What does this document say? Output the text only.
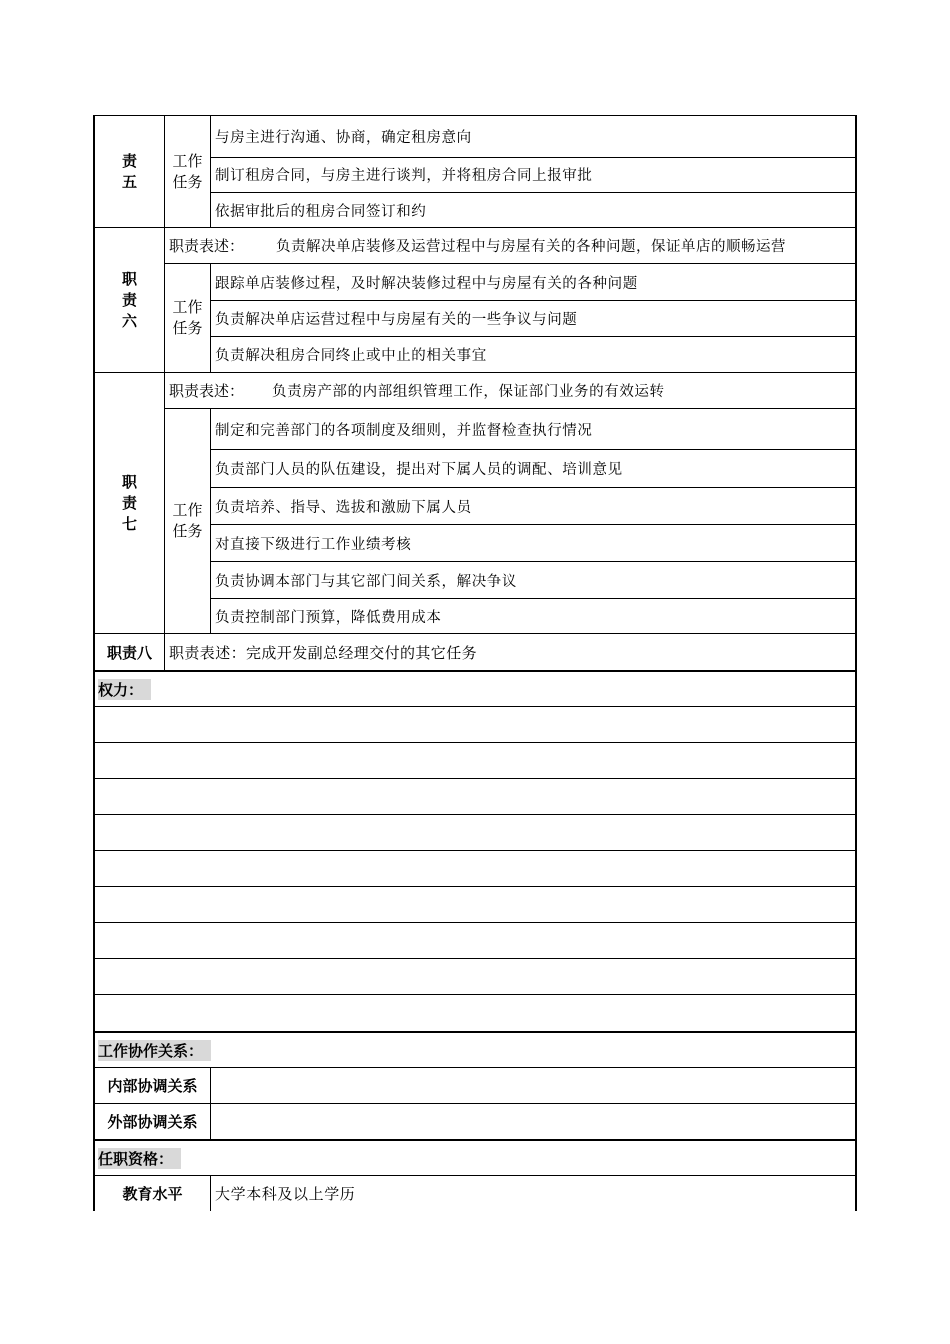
责
五
工作
任务
与房主进行沟通、协商，确定租房意向
制订租房合同，与房主进行谈判，并将租房合同上报审批
依据审批后的租房合同签订和约
职
责
六
职责表述： 负责解决单店装修及运营过程中与房屋有关的各种问题，保证单店的顺畅运营
工作
任务
跟踪单店装修过程，及时解决装修过程中与房屋有关的各种问题
负责解决单店运营过程中与房屋有关的一些争议与问题
负责解决租房合同终止或中止的相关事宜
职
责
七
职责表述： 负责房产部的内部组织管理工作，保证部门业务的有效运转
工作
任务
制定和完善部门的各项制度及细则，并监督检查执行情况
负责部门人员的队伍建设，提出对下属人员的调配、培训意见
负责培养、指导、选拔和激励下属人员
对直接下级进行工作业绩考核
负责协调本部门与其它部门间关系，解决争议
负责控制部门预算，降低费用成本
职责八	职责表述：完成开发副总经理交付的其它任务
权力：
工作协作关系：
内部协调关系
外部协调关系
任职资格：
教育水平	大学本科及以上学历
